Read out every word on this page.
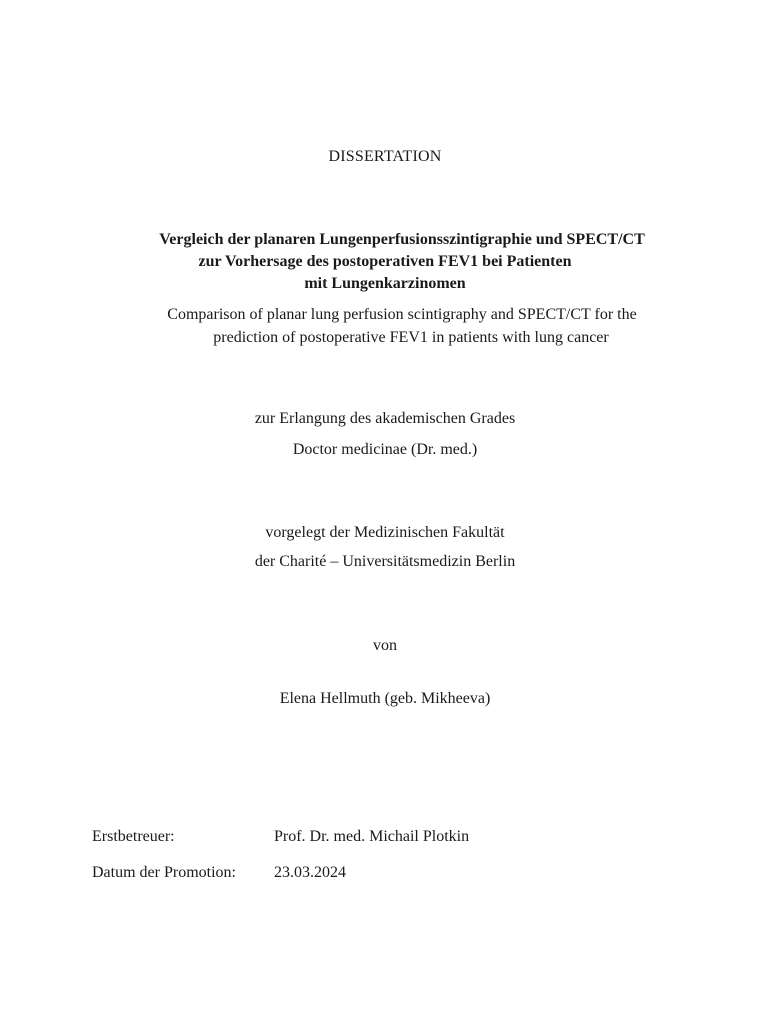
DISSERTATION
Vergleich der planaren Lungenperfusionsszintigraphie und SPECT/CT
zur Vorhersage des postoperativen FEV1 bei Patienten
mit Lungenkarzinomen
Comparison of planar lung perfusion scintigraphy and SPECT/CT for the
prediction of postoperative FEV1 in patients with lung cancer
zur Erlangung des akademischen Grades
Doctor medicinae (Dr. med.)
vorgelegt der Medizinischen Fakultät
der Charité – Universitätsmedizin Berlin
von
Elena Hellmuth (geb. Mikheeva)
Erstbetreuer:	Prof. Dr. med. Michail Plotkin
Datum der Promotion: 23.03.2024
